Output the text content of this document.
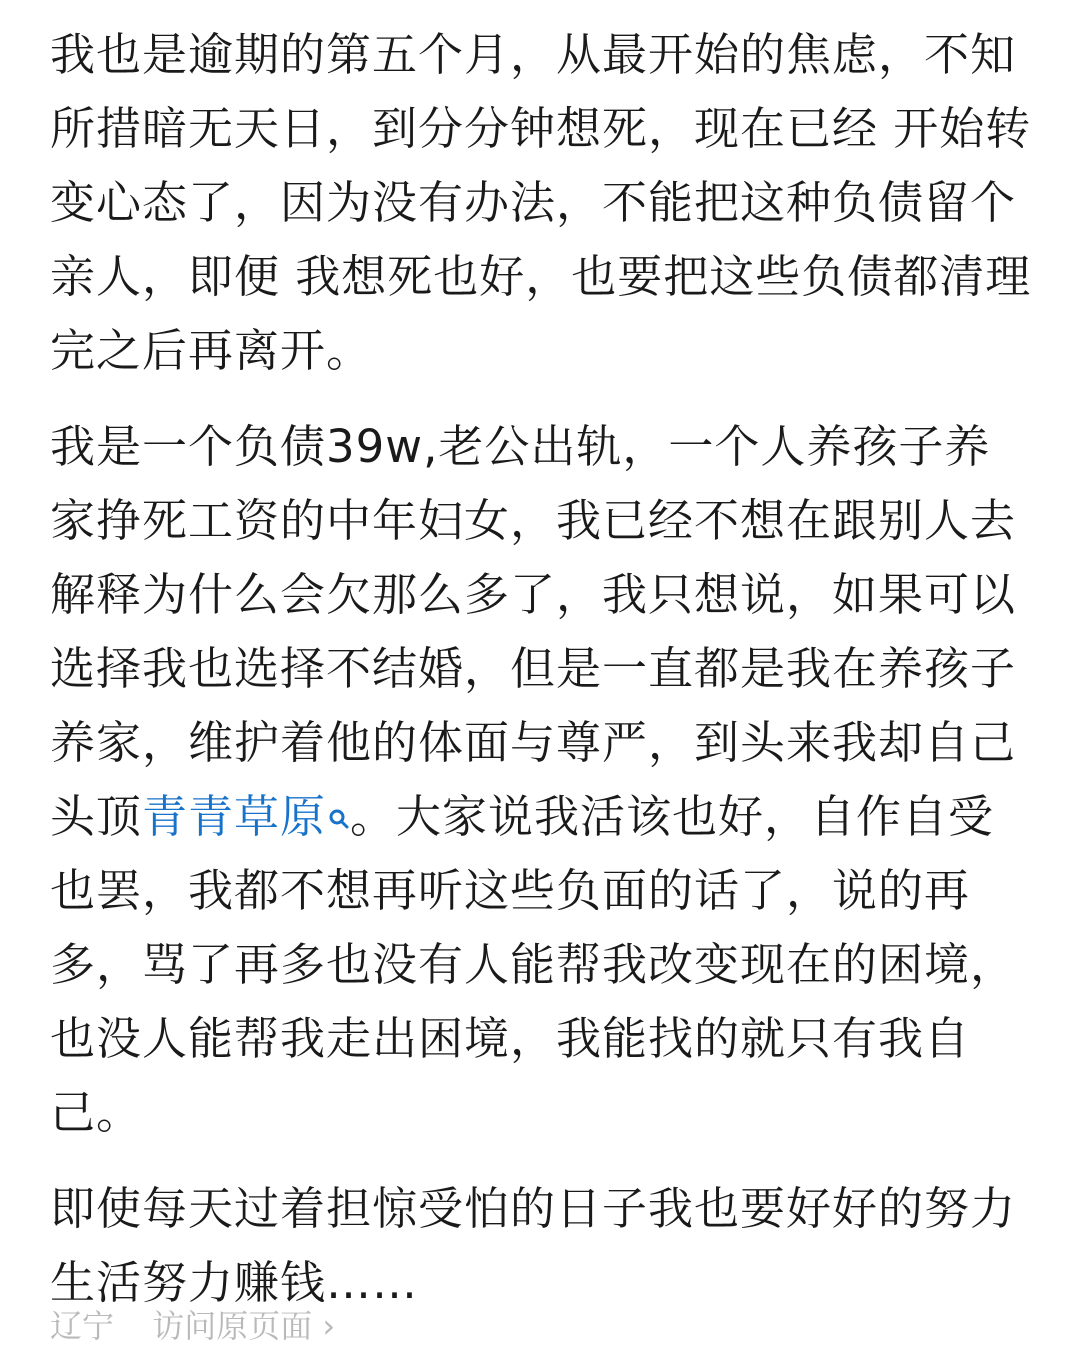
我也是逾期的第五个月，从最开始的焦虑，不知所措暗无天日，到分分钟想死，现在已经 开始转变心态了，因为没有办法，不能把这种负债留个亲人，即便 我想死也好，也要把这些负债都清理完之后再离开。

我是一个负债39w,老公出轨，一个人养孩子养家挣死工资的中年妇女，我已经不想在跟别人去解释为什么会欠那么多了，我只想说，如果可以选择我也选择不结婚，但是一直都是我在养孩子养家，维护着他的体面与尊严，到头来我却自己头顶青青草原 。大家说我活该也好，自作自受也罢，我都不想再听这些负面的话了，说的再多，骂了再多也没有人能帮我改变现在的困境，也没人能帮我走出困境，我能找的就只有我自己。

即使每天过着担惊受怕的日子我也要好好的努力生活努力赚钱……

辽宁 访问原页面 ›
